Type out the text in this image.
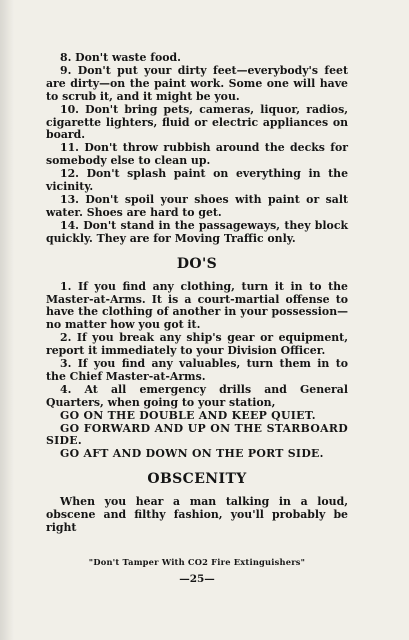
8. Don't waste food.

9. Don't put your dirty feet—everybody's feet are dirty—on the paint work. Some one will have to scrub it, and it might be you.

10. Don't bring pets, cameras, liquor, radios, cigarette lighters, fluid or electric appliances on board.

11. Don't throw rubbish around the decks for somebody else to clean up.

12. Don't splash paint on everything in the vicinity.

13. Don't spoil your shoes with paint or salt water. Shoes are hard to get.

14. Don't stand in the passageways, they block quickly. They are for Moving Traffic only.

DO'S

1. If you find any clothing, turn it in to the Master-at-Arms. It is a court-martial offense to have the clothing of another in your possession—no matter how you got it.

2. If you break any ship's gear or equipment, report it immediately to your Division Officer.

3. If you find any valuables, turn them in to the Chief Master-at-Arms.

4. At all emergency drills and General Quarters, when going to your station,

GO ON THE DOUBLE AND KEEP QUIET.

GO FORWARD AND UP ON THE STARBOARD SIDE.

GO AFT AND DOWN ON THE PORT SIDE.

OBSCENITY

When you hear a man talking in a loud, obscene and filthy fashion, you'll probably be right

"Don't Tamper With CO2 Fire Extinguishers"
—25—
